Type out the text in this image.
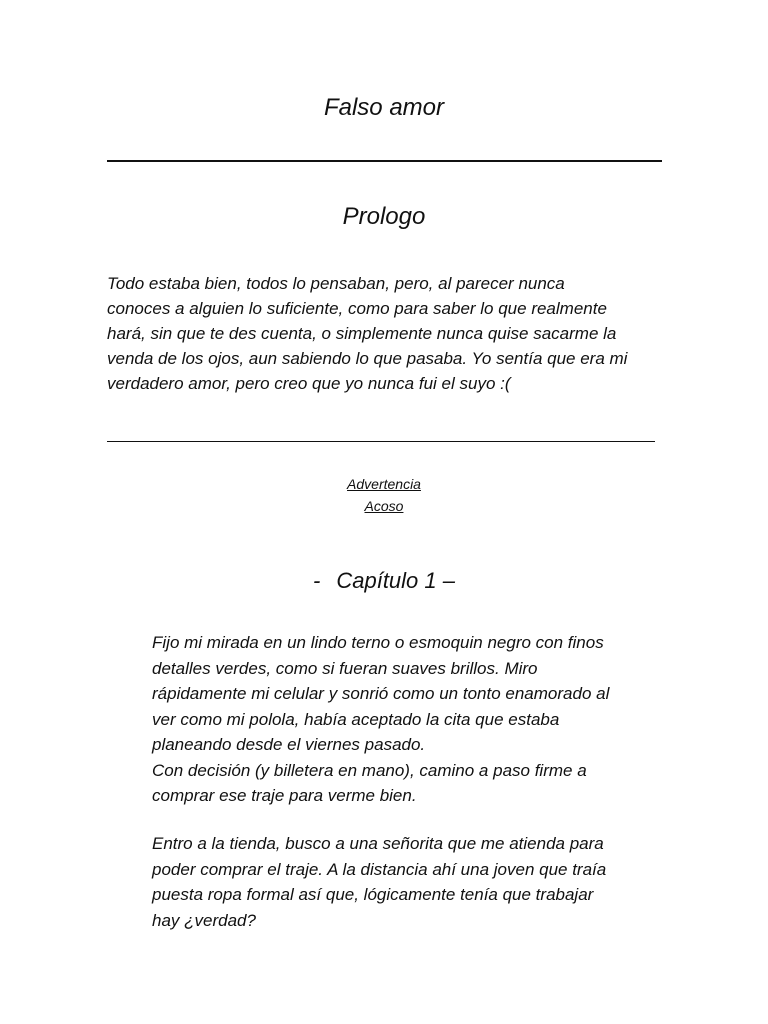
Falso amor
Prologo
Todo estaba bien, todos lo pensaban, pero, al parecer nunca
conoces a alguien lo suficiente, como para saber lo que realmente
hará, sin que te des cuenta, o simplemente nunca quise sacarme la
venda de los ojos, aun sabiendo lo que pasaba. Yo sentía que era mi
verdadero amor, pero creo que yo nunca fui el suyo :(
Advertencia
Acoso
- Capítulo 1 –
Fijo mi mirada en un lindo terno o esmoquin negro con finos
detalles verdes, como si fueran suaves brillos. Miro
rápidamente mi celular y sonrió como un tonto enamorado al
ver como mi polola, había aceptado la cita que estaba
planeando desde el viernes pasado.
Con decisión (y billetera en mano), camino a paso firme a
comprar ese traje para verme bien.
Entro a la tienda, busco a una señorita que me atienda para
poder comprar el traje. A la distancia ahí una joven que traía
puesta ropa formal así que, lógicamente tenía que trabajar
hay ¿verdad?
